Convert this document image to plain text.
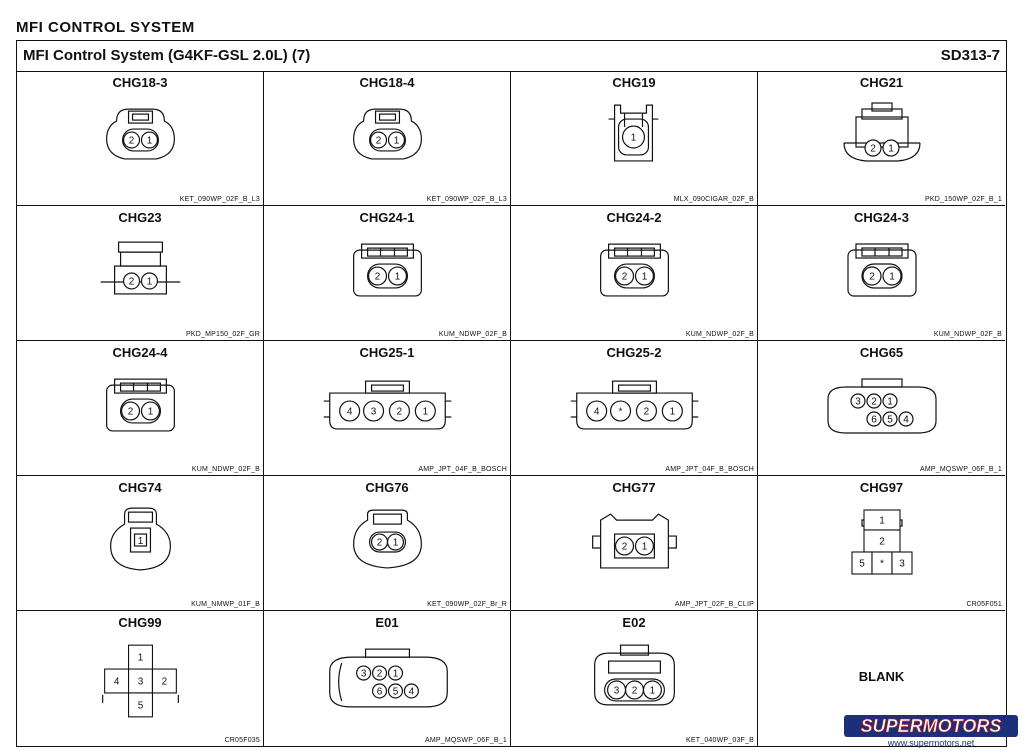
MFI CONTROL SYSTEM
MFI Control System (G4KF-GSL 2.0L) (7)	SD313-7
CHG18-3
2 1
KET_090WP_02F_B_L3
CHG18-4
2 1
KET_090WP_02F_B_L3
CHG19
1
MLX_090CIGAR_02F_B
CHG21
2 1
PKD_150WP_02F_B_1
CHG23
2 1
PKD_MP150_02F_GR
CHG24-1
2 1
KUM_NDWP_02F_B
CHG24-2
2 1
KUM_NDWP_02F_B
CHG24-3
2 1
KUM_NDWP_02F_B
CHG24-4
2 1
KUM_NDWP_02F_B
CHG25-1
4 3 2 1
AMP_JPT_04F_B_BOSCH
CHG25-2
4 * 2 1
AMP_JPT_04F_B_BOSCH
CHG65
3 2 1
6 5 4
AMP_MQSWP_06F_B_1
CHG74
1
KUM_NMWP_01F_B
CHG76
2 1
KET_090WP_02F_Br_R
CHG77
2 1
AMP_JPT_02F_B_CLIP
CHG97
1
2
5 * 3
CR05F051
CHG99
1
4 3 2
5
CR05F035
E01
3 2 1
6 5 4
AMP_MQSWP_06F_B_1
E02
3 2 1
KET_040WP_03F_B
BLANK
SUPERMOTORS
www.supermotors.net
